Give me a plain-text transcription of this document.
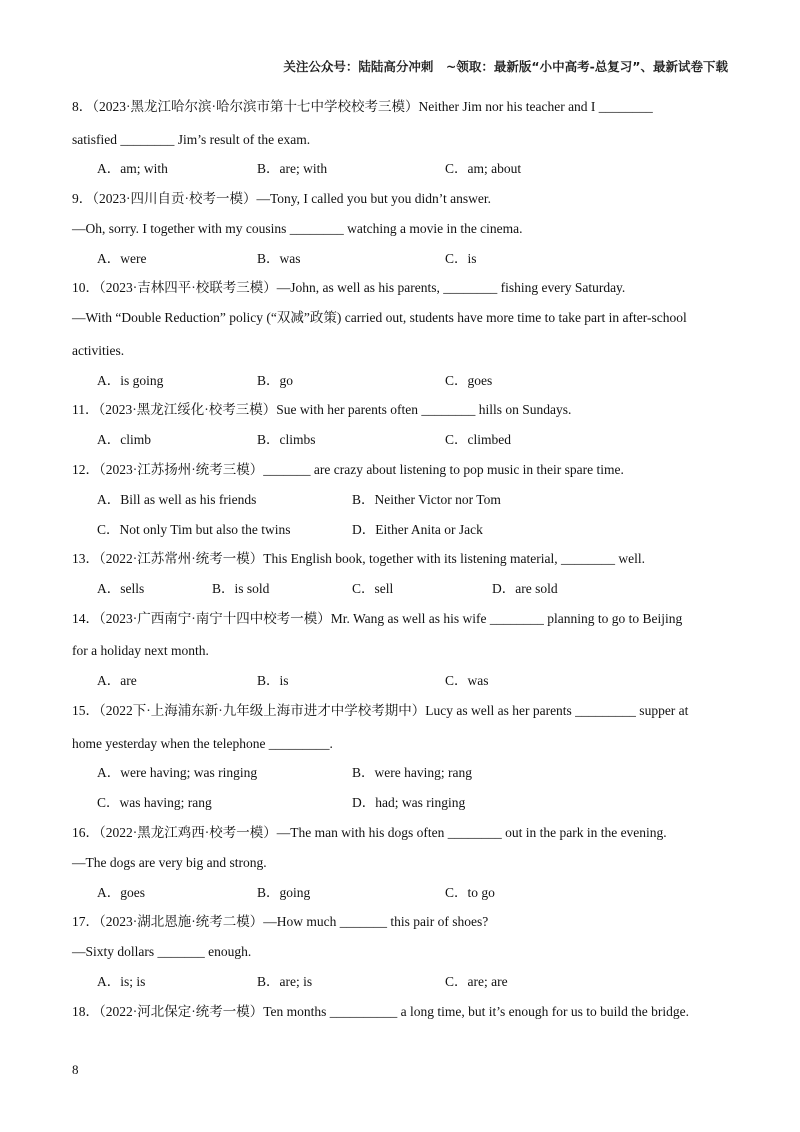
关注公众号：陆陆高分冲刺　~领取：最新版“小中高考-总复习”、最新试卷下载
8．（2023·黑龙江哈尔滨·哈尔滨市第十七中学校校考三模）Neither Jim nor his teacher and I ________
satisfied ________ Jim’s result of the exam.
A．am; with	B．are; with	C．am; about
9．（2023·四川自贡·校考一模）—Tony, I called you but you didn’t answer.
—Oh, sorry. I together with my cousins ________ watching a movie in the cinema.
A．were	B．was	C．is
10．（2023·吉林四平·校联考三模）—John, as well as his parents, ________ fishing every Saturday.
—With “Double Reduction” policy (“双减”政策) carried out, students have more time to take part in after-school
activities.
A．is going	B．go	C．goes
11．（2023·黑龙江绥化·校考三模）Sue with her parents often ________ hills on Sundays.
A．climb	B．climbs	C．climbed
12．（2023·江苏扬州·统考三模）_______ are crazy about listening to pop music in their spare time.
A．Bill as well as his friends	B．Neither Victor nor Tom
C．Not only Tim but also the twins	D．Either Anita or Jack
13．（2022·江苏常州·统考一模）This English book, together with its listening material, ________ well.
A．sells	B．is sold	C．sell	D．are sold
14．（2023·广西南宁·南宁十四中校考一模）Mr. Wang as well as his wife ________ planning to go to Beijing
for a holiday next month.
A．are	B．is	C．was
15．（2022下·上海浦东新·九年级上海市进才中学校考期中）Lucy as well as her parents _________ supper at
home yesterday when the telephone _________.
A．were having; was ringing	B．were having; rang
C．was having; rang	D．had; was ringing
16．（2022·黑龙江鸡西·校考一模）—The man with his dogs often ________ out in the park in the evening.
—The dogs are very big and strong.
A．goes	B．going	C．to go
17．（2023·湖北恩施·统考二模）—How much _______ this pair of shoes?
—Sixty dollars _______ enough.
A．is; is	B．are; is	C．are; are
18．（2022·河北保定·统考一模）Ten months __________ a long time, but it’s enough for us to build the bridge.
8
